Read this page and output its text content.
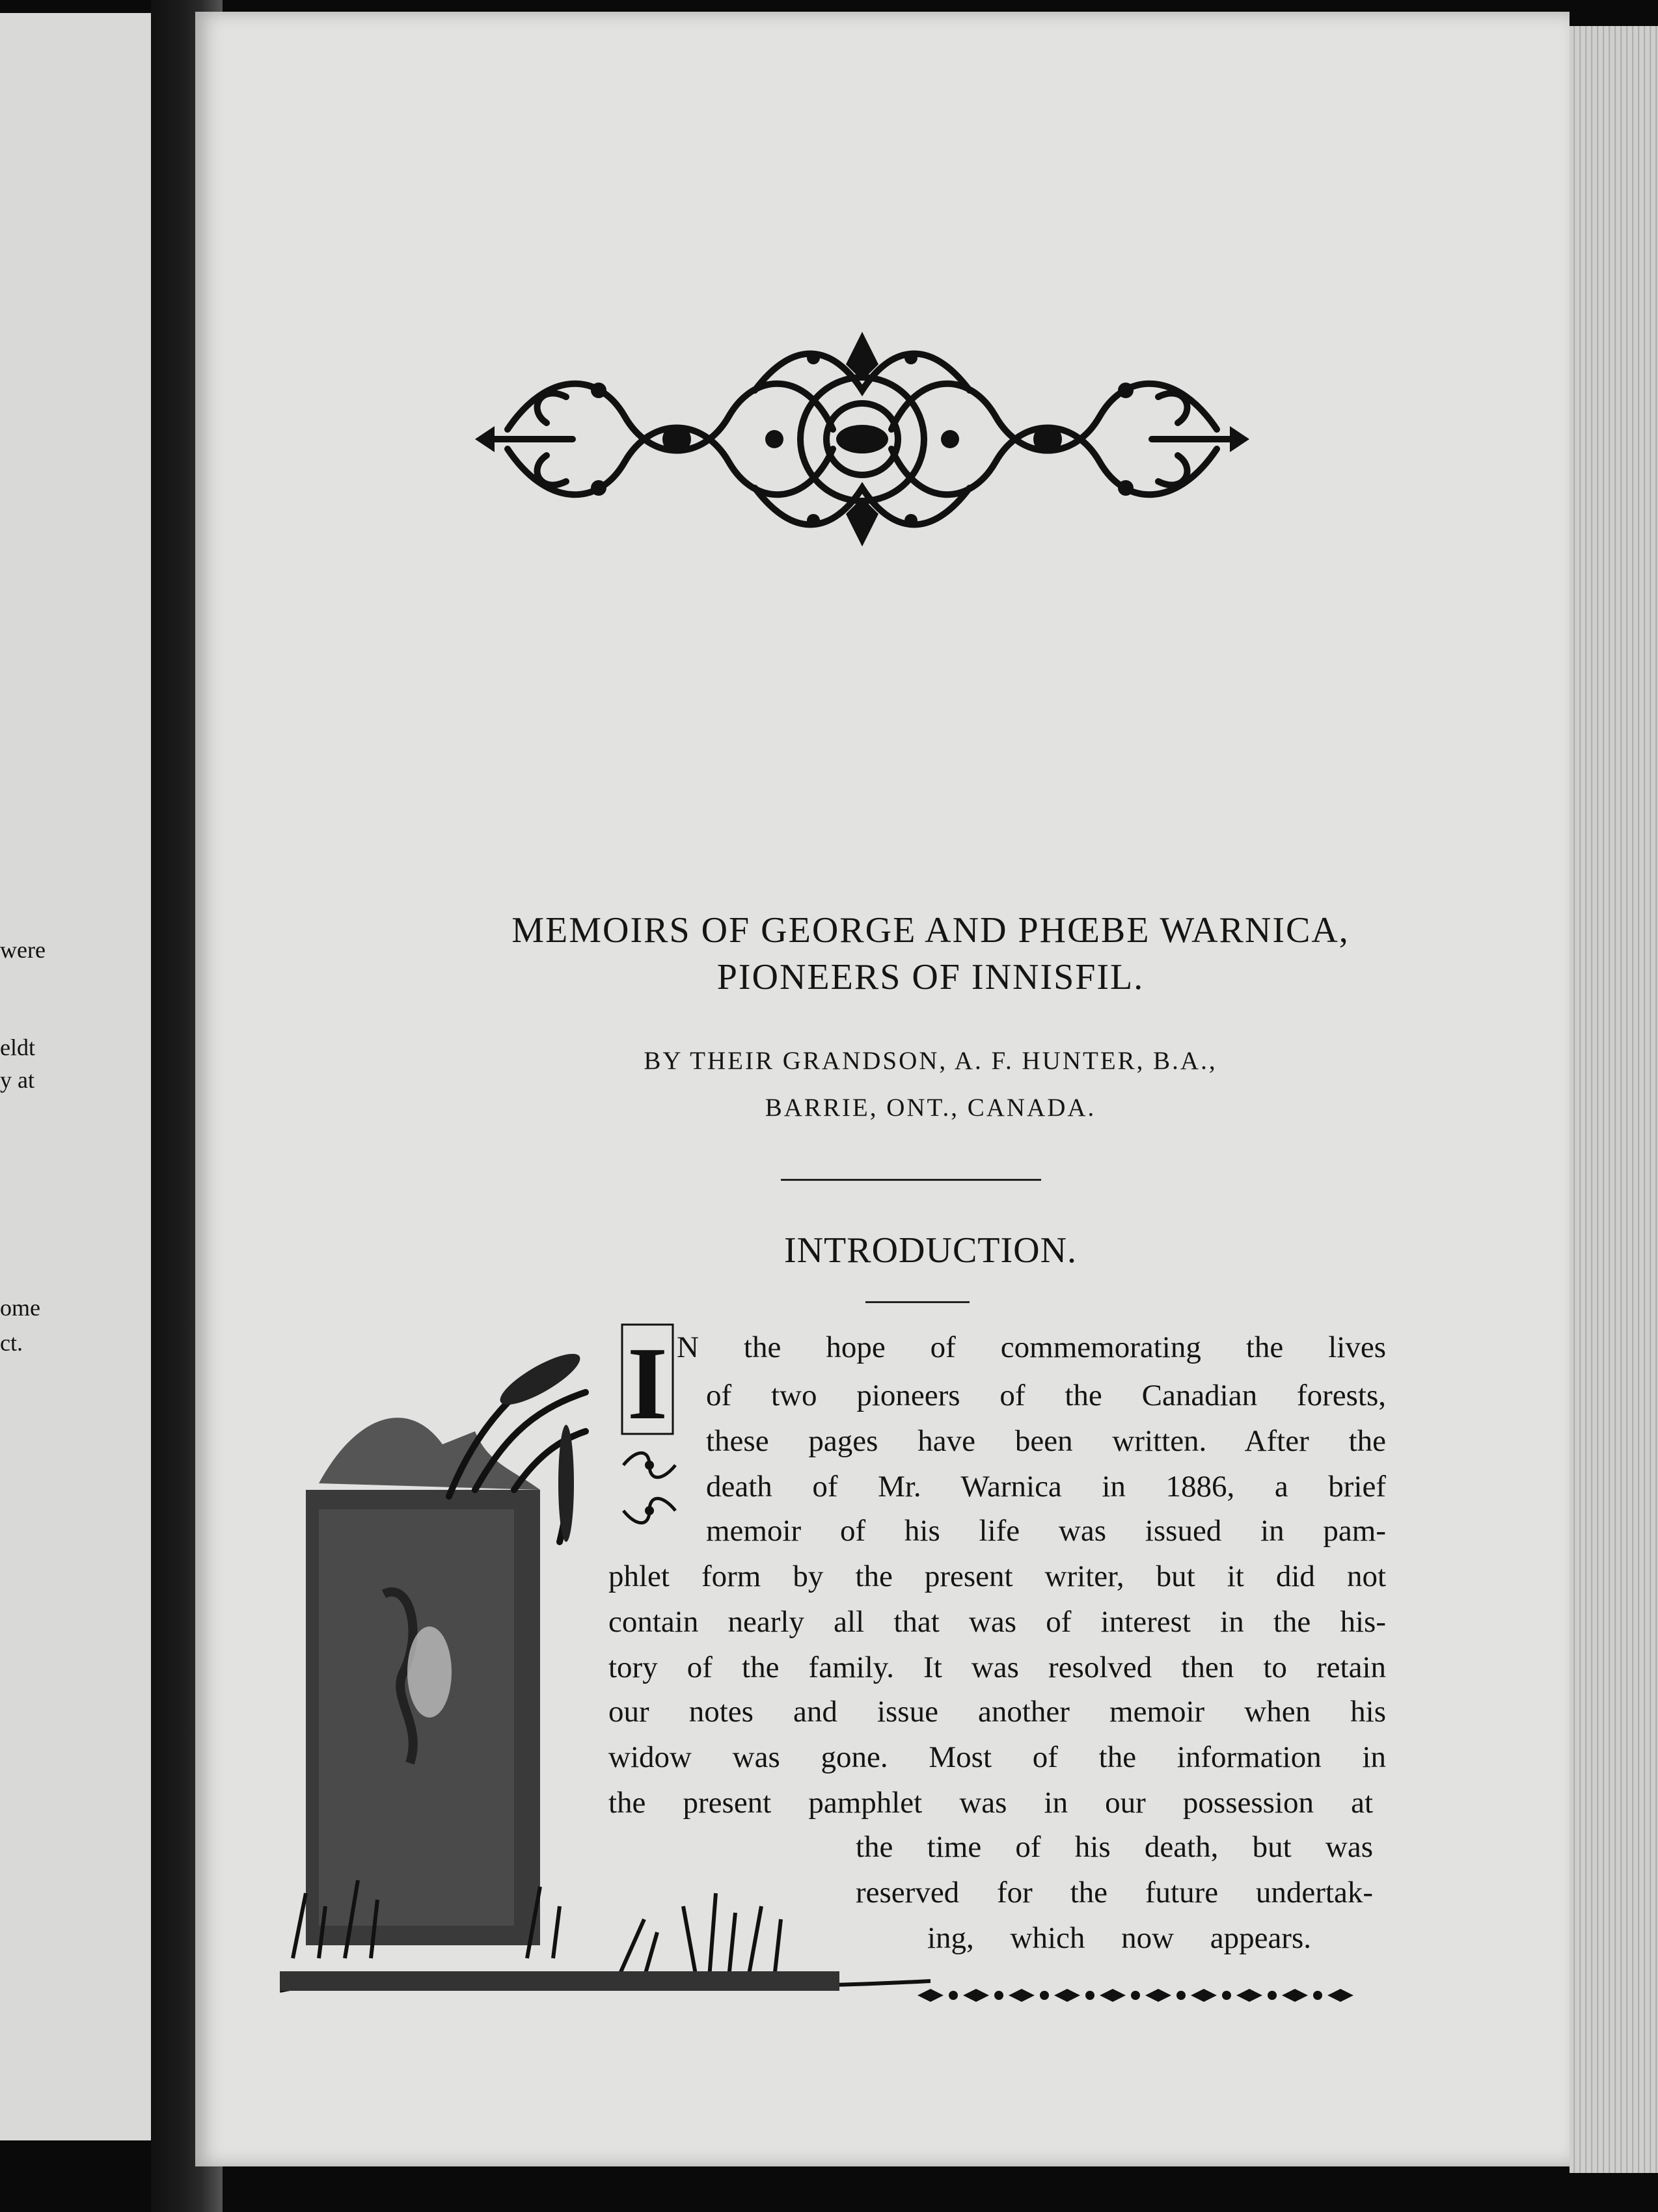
were
eldt
y at
ome
ct.
MEMOIRS OF GEORGE AND PHŒBE WARNICA,
PIONEERS OF INNISFIL.
BY THEIR GRANDSON, A. F. HUNTER, B.A.,
BARRIE, ONT., CANADA.
INTRODUCTION.
I N the hope of commemorating the lives
of two pioneers of the Canadian forests,
these pages have been written. After the
death of Mr. Warnica in 1886, a brief
memoir of his life was issued in pam-
phlet form by the present writer, but it did not
contain nearly all that was of interest in the his-
tory of the family. It was resolved then to retain
our notes and issue another memoir when his
widow was gone. Most of the information in
the present pamphlet was in our possession at
the time of his death, but was
reserved for the future undertak-
ing, which now appears.
